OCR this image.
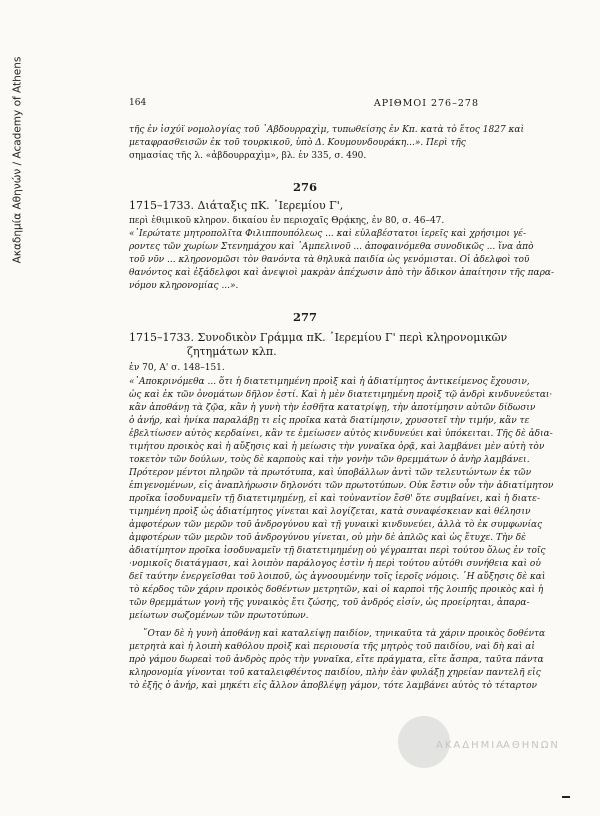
Ακαδημία Αθηνών / Academy of Athens	164	ΑΡΙΘΜΟΙ 276–278
τῆς ἐν ἰσχύϊ νομολογίας τοῦ ᾿Αβδουρραχὶμ, τυπωθείσης ἐν Κπ. κατὰ τὸ ἔτος 1827 καὶ
μεταφρασθεισῶν ἐκ τοῦ τουρκικοῦ, ὑπὸ Δ. Κουμουνδουράκη...». Περὶ τῆς
σημασίας τῆς λ. «ἀβδουρραχὶμ», βλ. ἐν 335, σ. 490.
276
1715–1733. Διάταξις πΚ. ᾿Ιερεμίου Γ',
περὶ ἐθιμικοῦ κληρον. δικαίου ἐν περιοχαῖς Θρᾴκης, ἐν 80, σ. 46–47.
«᾿Ιερώτατε μητροπολῖτα Φιλιππουπόλεως ... καὶ εὐλαβέστατοι ἱερεῖς καὶ χρήσιμοι γέ-
ροντες τῶν χωρίων Στενημάχου καὶ ᾿Αμπελινοῦ ... ἀποφαινόμεθα συνοδικῶς ... ἵνα ἀπὸ
τοῦ νῦν ... κληρονομῶσι τὸν θανόντα τὰ θηλυκὰ παιδία ὡς γενόμισται. Οἱ ἀδελφοὶ τοῦ
θανόντος καὶ ἐξάδελφοι καὶ ἀνεψιοὶ μακρὰν ἀπέχωσιν ἀπὸ τὴν ἄδικον ἀπαίτησιν τῆς παρα-
νόμου κληρονομίας ...».
277
1715–1733. Συνοδικὸν Γράμμα πΚ. ᾿Ιερεμίου Γ' περὶ κληρονομικῶν
ζητημάτων κλπ.
ἐν 70, Α' σ. 148–151.
«᾿Αποκρινόμεθα ... ὅτι ἡ διατετιμημένη προὶξ καὶ ἡ ἀδιατίμητος ἀντικείμενος ἔχουσιν,
ὡς καὶ ἐκ τῶν ὀνομάτων δῆλον ἐστί. Καὶ ἡ μὲν διατετιμημένη προὶξ τῷ ἀνδρὶ κινδυνεύεται·
κἂν ἀποθάνῃ τὰ ζῷα, κἂν ἡ γυνὴ τὴν ἐσθῆτα κατατρίψῃ, τὴν ἀποτίμησιν αὐτῶν δίδωσιν
ὁ ἀνήρ, καὶ ἡνίκα παραλάβῃ τι εἰς προῖκα κατὰ διατίμησιν, χρυσοτεῖ τὴν τιμήν, κἂν τε
ἐβελτίωσεν αὐτὸς κερδαίνει, κἂν τε ἐμείωσεν αὐτὸς κινδυνεύει καὶ ὑπόκειται. Τῆς δὲ ἀδια-
τιμήτου προικὸς καὶ ἡ αὔξησις καὶ ἡ μείωσις τὴν γυναῖκα ὁρᾷ, καὶ λαμβάνει μὲν αὐτὴ τὸν
τοκετὸν τῶν δούλων, τοὺς δὲ καρποὺς καὶ τὴν γονὴν τῶν θρεμμάτων ὁ ἀνὴρ λαμβάνει.
Πρότερον μέντοι πληρῶν τὰ πρωτότυπα, καὶ ὑποβάλλων ἀντὶ τῶν τελευτώντων ἐκ τῶν
ἐπιγενομένων, εἰς ἀναπλήρωσιν δηλονότι τῶν πρωτοτύπων. Οὐκ ἔστιν οὖν τὴν ἀδιατίμητον
προῖκα ἰσοδυναμεῖν τῇ διατετιμημένῃ, εἰ καὶ τοὐναντίον ἔσθ' ὅτε συμβαίνει, καὶ ἡ διατε-
τιμημένη προὶξ ὡς ἀδιατίμητος γίνεται καὶ λογίζεται, κατὰ συναφέσκειαν καὶ θέλησιν
ἀμφοτέρων τῶν μερῶν τοῦ ἀνδρογύνου καὶ τῇ γυναικὶ κινδυνεύει, ἀλλὰ τὸ ἐκ συμφωνίας
ἀμφοτέρων τῶν μερῶν τοῦ ἀνδρογύνου γίνεται, οὐ μὴν δὲ ἁπλῶς καὶ ὡς ἔτυχε. Τὴν δὲ
ἀδιατίμητον προῖκα ἰσοδυναμεῖν τῇ διατετιμημένῃ οὐ γέγραπται περὶ τούτου ὅλως ἐν τοῖς
·νομικοῖς διατάγμασι, καὶ λοιπὸν παράλογος ἐστὶν ἡ περὶ τούτου αὐτόθι συνήθεια καὶ οὐ
δεῖ ταύτην ἐνεργεῖσθαι τοῦ λοιποῦ, ὡς ἀγνοουμένην τοῖς ἱεροῖς νόμοις. ῾Η αὔξησις δὲ καὶ
τὸ κέρδος τῶν χάριν προικὸς δοθέντων μετρητῶν, καὶ οἱ καρποὶ τῆς λοιπῆς προικὸς καὶ ἡ
τῶν θρεμμάτων γονὴ τῆς γυναικὸς ἔτι ζώσης, τοῦ ἀνδρός εἰσίν, ὡς προείρηται, ἀπαρα-
μείωτων σωζομένων τῶν πρωτοτύπων.
῞Οταν δὲ ἡ γυνὴ ἀποθάνῃ καὶ καταλείψῃ παιδίον, τηνικαῦτα τὰ χάριν προικὸς δοθέντα
μετρητὰ καὶ ἡ λοιπὴ καθόλου προὶξ καὶ περιουσία τῆς μητρὸς τοῦ παιδίου, ναὶ δὴ καὶ αἱ
πρὸ γάμου δωρεαὶ τοῦ ἀνδρὸς πρὸς τὴν γυναῖκα, εἴτε πράγματα, εἴτε ἄσπρα, ταῦτα πάντα
κληρονομία γίνονται τοῦ καταλειφθέντος παιδίου, πλὴν ἐὰν φυλάξῃ χηρείαν παντελῆ εἰς
τὸ ἐξῆς ὁ ἀνήρ, καὶ μηκέτι εἰς ἄλλον ἀποβλέψῃ γάμον, τότε λαμβάνει αὐτὸς τὸ τέταρτον
ΑΚΑΔΗΜΙΑ
ΑΘΗΝΩΝ
